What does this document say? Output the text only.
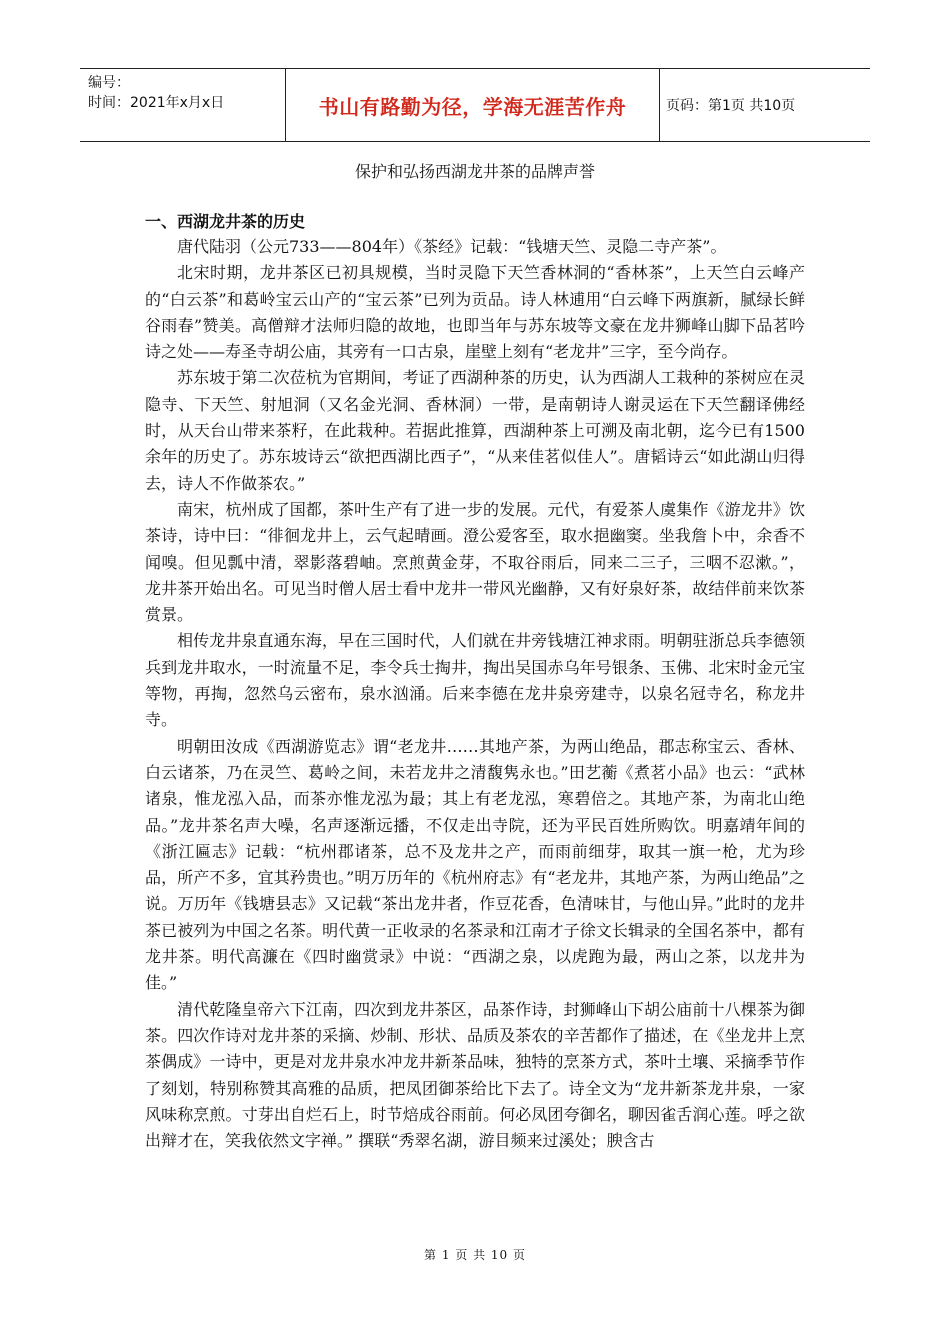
编号：
时间：2021年x月x日	书山有路勤为径，学海无涯苦作舟	页码：第1页 共10页
保护和弘扬西湖龙井茶的品牌声誉
一、西湖龙井茶的历史

唐代陆羽（公元733——804年）《茶经》记载：“钱塘天竺、灵隐二寺产茶”。

北宋时期，龙井茶区已初具规模，当时灵隐下天竺香林洞的“香林茶”，上天竺白云峰产的“白云茶”和葛岭宝云山产的“宝云茶”已列为贡品。诗人林逋用“白云峰下两旗新，腻绿长鲜谷雨春”赞美。高僧辩才法师归隐的故地，也即当年与苏东坡等文豪在龙井狮峰山脚下品茗吟诗之处——寿圣寺胡公庙，其旁有一口古泉，崖壁上刻有“老龙井”三字，至今尚存。

苏东坡于第二次莅杭为官期间，考证了西湖种茶的历史，认为西湖人工栽种的茶树应在灵隐寺、下天竺、射旭洞（又名金光洞、香林洞）一带，是南朝诗人谢灵运在下天竺翻译佛经时，从天台山带来茶籽，在此栽种。若据此推算，西湖种茶上可溯及南北朝，迄今已有1500余年的历史了。苏东坡诗云“欲把西湖比西子”，“从来佳茗似佳人”。唐韬诗云“如此湖山归得去，诗人不作做茶农。”

南宋，杭州成了国都，茶叶生产有了进一步的发展。元代，有爱茶人虞集作《游龙井》饮茶诗，诗中曰：“徘徊龙井上，云气起晴画。澄公爱客至，取水挹幽窦。坐我詹卜中，余香不闻嗅。但见瓢中清，翠影落碧岫。烹煎黄金芽，不取谷雨后，同来二三子，三咽不忍漱。”， 龙井茶开始出名。可见当时僧人居士看中龙井一带风光幽静，又有好泉好茶，故结伴前来饮茶赏景。

相传龙井泉直通东海，早在三国时代，人们就在井旁钱塘江神求雨。明朝驻浙总兵李德领兵到龙井取水，一时流量不足，李令兵士掏井，掏出吴国赤乌年号银条、玉佛、北宋时金元宝等物，再掏，忽然乌云密布，泉水汹涌。后来李德在龙井泉旁建寺，以泉名冠寺名，称龙井寺。

明朝田汝成《西湖游览志》谓“老龙井……其地产茶，为两山绝品，郡志称宝云、香林、白云诸茶，乃在灵竺、葛岭之间，未若龙井之清馥隽永也。”田艺蘅《煮茗小品》也云：“武林诸泉，惟龙泓入品，而茶亦惟龙泓为最；其上有老龙泓，寒碧倍之。其地产茶，为南北山绝品。”龙井茶名声大噪，名声逐渐远播，不仅走出寺院，还为平民百姓所购饮。明嘉靖年间的《浙江匾志》记载：“杭州郡诸茶，总不及龙井之产，而雨前细芽，取其一旗一枪，尤为珍品，所产不多，宜其矜贵也。”明万历年的《杭州府志》有“老龙井，其地产茶，为两山绝品”之说。万历年《钱塘县志》又记载“茶出龙井者，作豆花香，色清味甘，与他山异。”此时的龙井茶已被列为中国之名茶。明代黄一正收录的名茶录和江南才子徐文长辑录的全国名茶中，都有龙井茶。明代高濂在《四时幽赏录》中说：“西湖之泉，以虎跑为最，两山之茶，以龙井为佳。”

清代乾隆皇帝六下江南，四次到龙井茶区，品茶作诗，封狮峰山下胡公庙前十八棵茶为御茶。四次作诗对龙井茶的采摘、炒制、形状、品质及茶农的辛苦都作了描述，在《坐龙井上烹茶偶成》一诗中，更是对龙井泉水冲龙井新茶品味，独特的烹茶方式，茶叶土壤、采摘季节作了刻划，特别称赞其高雅的品质，把凤团御茶给比下去了。诗全文为“龙井新茶龙井泉，一家风味称烹煎。寸芽出自烂石上，时节焙成谷雨前。何必凤团夸御名，聊因雀舌润心莲。呼之欲出辩才在，笑我依然文字禅。” 撰联“秀翠名湖，游目频来过溪处；腴含古

第 1 页 共 10 页
